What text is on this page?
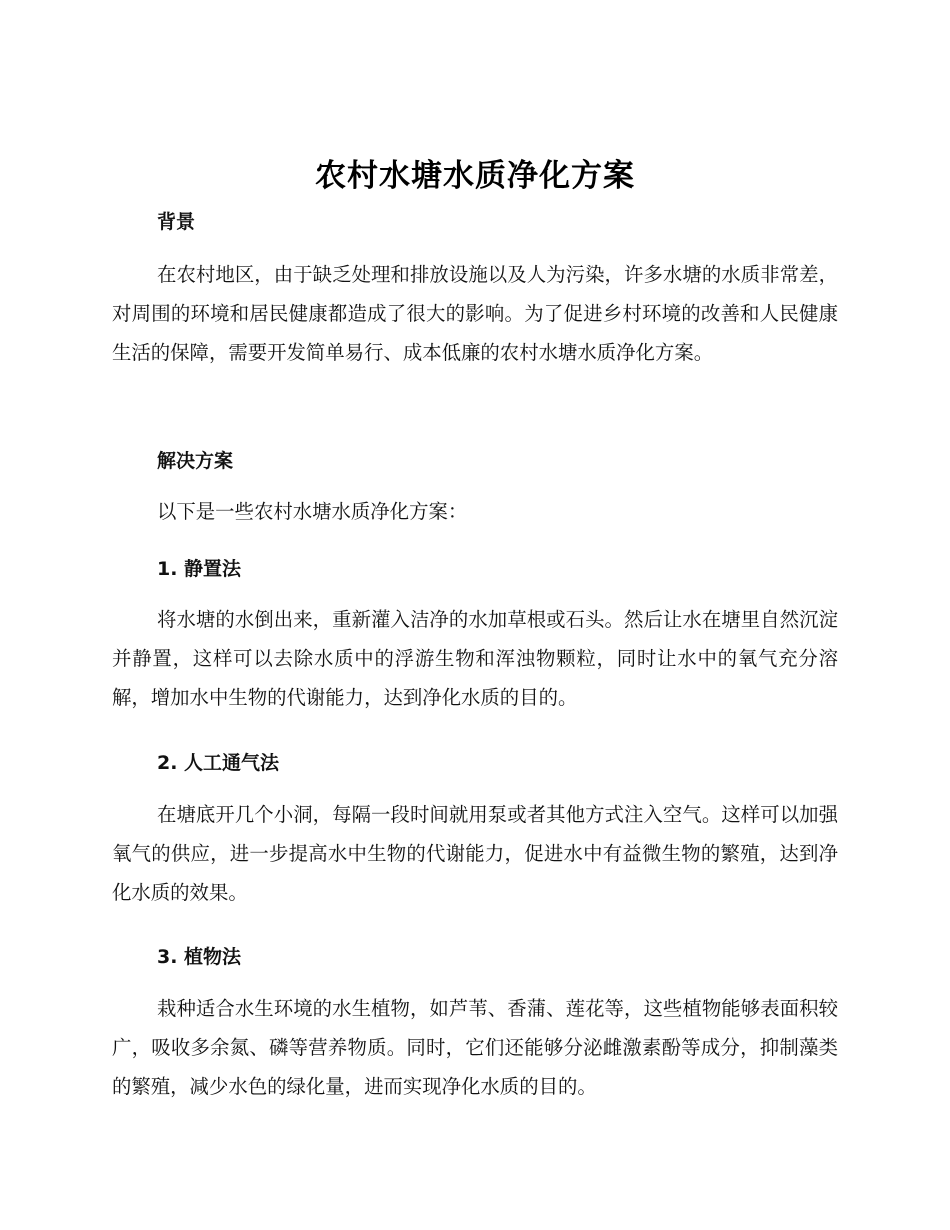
农村水塘水质净化方案
背景

在农村地区，由于缺乏处理和排放设施以及人为污染，许多水塘的水质非常差，对周围的环境和居民健康都造成了很大的影响。为了促进乡村环境的改善和人民健康生活的保障，需要开发简单易行、成本低廉的农村水塘水质净化方案。

解决方案

以下是一些农村水塘水质净化方案：

1. 静置法

将水塘的水倒出来，重新灌入洁净的水加草根或石头。然后让水在塘里自然沉淀并静置，这样可以去除水质中的浮游生物和浑浊物颗粒，同时让水中的氧气充分溶解，增加水中生物的代谢能力，达到净化水质的目的。

2. 人工通气法

在塘底开几个小洞，每隔一段时间就用泵或者其他方式注入空气。这样可以加强氧气的供应，进一步提高水中生物的代谢能力，促进水中有益微生物的繁殖，达到净化水质的效果。

3. 植物法

栽种适合水生环境的水生植物，如芦苇、香蒲、莲花等，这些植物能够表面积较广，吸收多余氮、磷等营养物质。同时，它们还能够分泌雌激素酚等成分，抑制藻类的繁殖，减少水色的绿化量，进而实现净化水质的目的。
